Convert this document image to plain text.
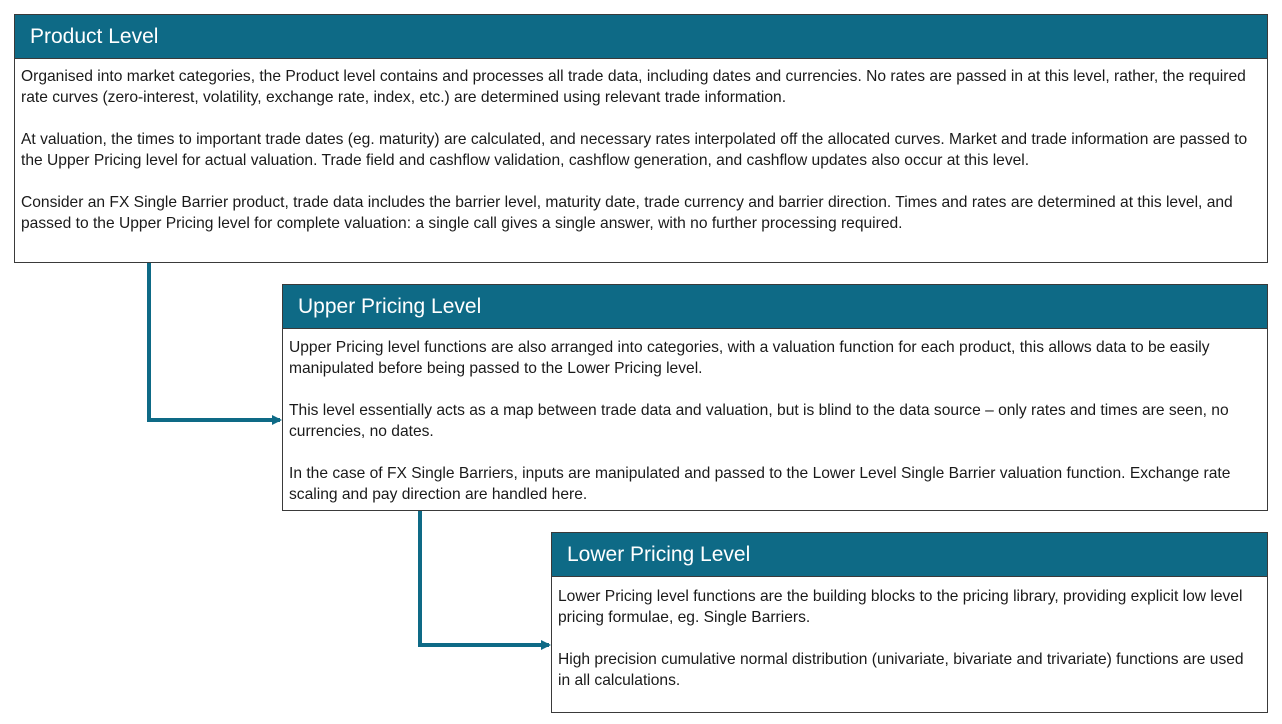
Product Level

Organised into market categories, the Product level contains and processes all trade data, including dates and currencies. No rates are passed in at this level, rather, the required rate curves (zero-interest, volatility, exchange rate, index, etc.) are determined using relevant trade information.

At valuation, the times to important trade dates (eg. maturity) are calculated, and necessary rates interpolated off the allocated curves. Market and trade information are passed to the Upper Pricing level for actual valuation. Trade field and cashflow validation, cashflow generation, and cashflow updates also occur at this level.

Consider an FX Single Barrier product, trade data includes the barrier level, maturity date, trade currency and barrier direction. Times and rates are determined at this level, and passed to the Upper Pricing level for complete valuation: a single call gives a single answer, with no further processing required.

Upper Pricing Level

Upper Pricing level functions are also arranged into categories, with a valuation function for each product, this allows data to be easily manipulated before being passed to the Lower Pricing level.

This level essentially acts as a map between trade data and valuation, but is blind to the data source – only rates and times are seen, no currencies, no dates.

In the case of FX Single Barriers, inputs are manipulated and passed to the Lower Level Single Barrier valuation function. Exchange rate scaling and pay direction are handled here.

Lower Pricing Level

Lower Pricing level functions are the building blocks to the pricing library, providing explicit low level pricing formulae, eg. Single Barriers.

High precision cumulative normal distribution (univariate, bivariate and trivariate) functions are used in all calculations.
